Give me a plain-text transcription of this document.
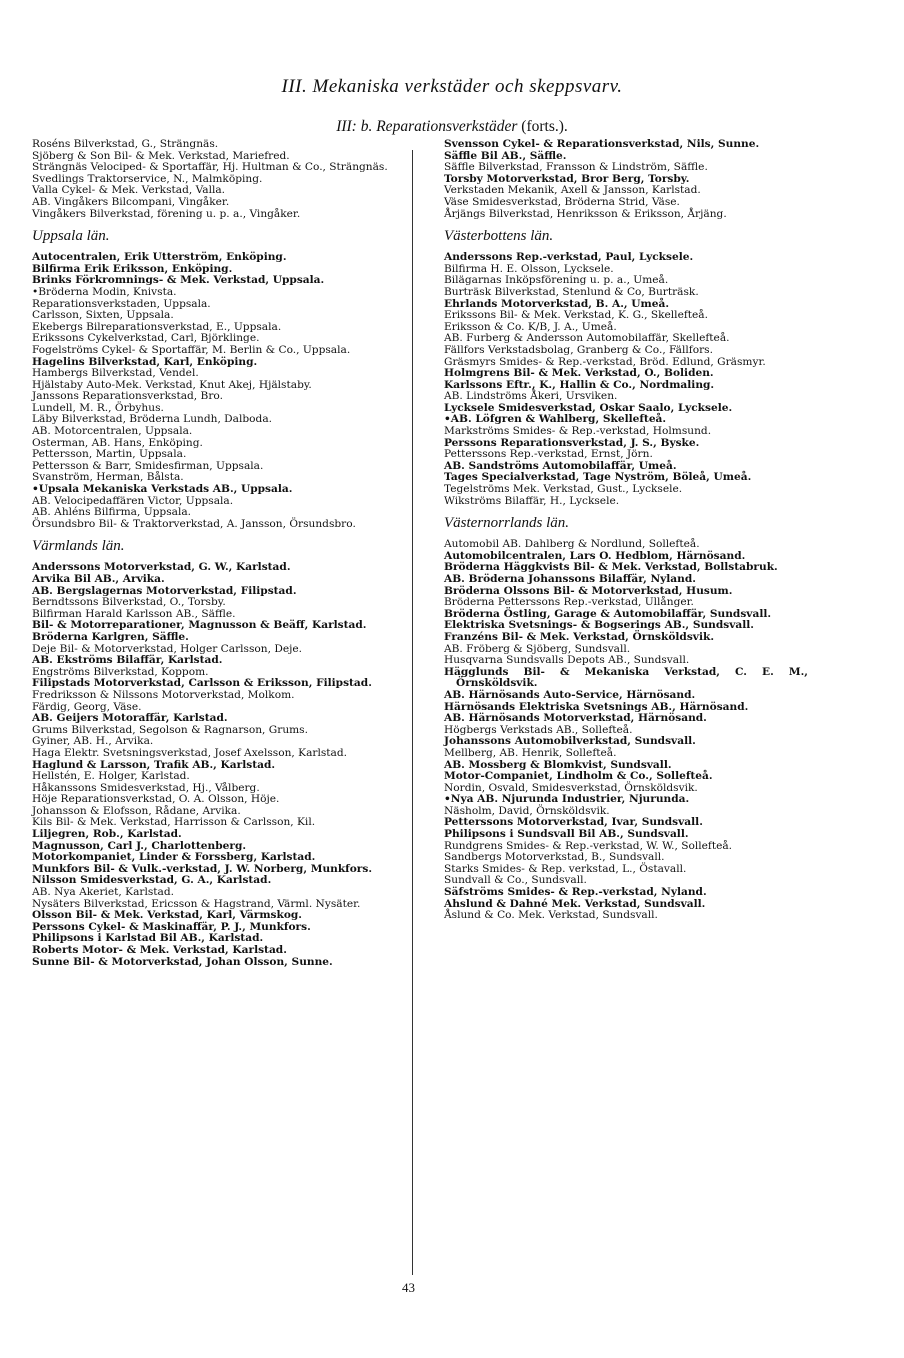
III. Mekaniska verkstäder och skeppsvarv.
III: b. Reparationsverkstäder (forts.).

Roséns Bilverkstad, G., Strängnäs.

Sjöberg & Son Bil- & Mek. Verkstad, Mariefred.

Strängnäs Velociped- & Sportaffär, Hj. Hultman & Co., Strängnäs.

Svedlings Traktorservice, N., Malmköping.

Valla Cykel- & Mek. Verkstad, Valla.

AB. Vingåkers Bilcompani, Vingåker.

Vingåkers Bilverkstad, förening u. p. a., Vingåker.

Uppsala län.

Autocentralen, Erik Utterström, Enköping.

Bilfirma Erik Eriksson, Enköping.

Brinks Förkromnings- & Mek. Verkstad, Uppsala.

•Bröderna Modin, Knivsta.

Reparationsverkstaden, Uppsala.

Carlsson, Sixten, Uppsala.

Ekebergs Bilreparationsverkstad, E., Uppsala.

Erikssons Cykelverkstad, Carl, Björklinge.

Fogelströms Cykel- & Sportaffär, M. Berlin & Co., Uppsala.

Hagelins Bilverkstad, Karl, Enköping.

Hambergs Bilverkstad, Vendel.

Hjälstaby Auto-Mek. Verkstad, Knut Akej, Hjälstaby.

Janssons Reparationsverkstad, Bro.

Lundell, M. R., Örbyhus.

Läby Bilverkstad, Bröderna Lundh, Dalboda.

AB. Motorcentralen, Uppsala.

Osterman, AB. Hans, Enköping.

Pettersson, Martin, Uppsala.

Pettersson & Barr, Smidesfirman, Uppsala.

Svanström, Herman, Bålsta.

•Upsala Mekaniska Verkstads AB., Uppsala.

AB. Velocipedaffären Victor, Uppsala.

AB. Ahléns Bilfirma, Uppsala.

Örsundsbro Bil- & Traktorverkstad, A. Jansson, Örsundsbro.

Värmlands län.

Anderssons Motorverkstad, G. W., Karlstad.

Arvika Bil AB., Arvika.

AB. Bergslagernas Motorverkstad, Filipstad.

Berndtssons Bilverkstad, O., Torsby.

Bilfirman Harald Karlsson AB., Säffle.

Bil- & Motorreparationer, Magnusson & Beäff, Karlstad.

Bröderna Karlgren, Säffle.

Deje Bil- & Motorverkstad, Holger Carlsson, Deje.

AB. Ekströms Bilaffär, Karlstad.

Engströms Bilverkstad, Koppom.

Filipstads Motorverkstad, Carlsson & Eriksson, Filipstad.

Fredriksson & Nilssons Motorverkstad, Molkom.

Färdig, Georg, Väse.

AB. Geijers Motoraffär, Karlstad.

Grums Bilverkstad, Segolson & Ragnarson, Grums.

Gyiner, AB. H., Arvika.

Haga Elektr. Svetsningsverkstad, Josef Axelsson, Karlstad.

Haglund & Larsson, Trafik AB., Karlstad.

Hellstén, E. Holger, Karlstad.

Håkanssons Smidesverkstad, Hj., Vålberg.

Höje Reparationsverkstad, O. A. Olsson, Höje.

Johansson & Elofsson, Rådane, Arvika.

Kils Bil- & Mek. Verkstad, Harrisson & Carlsson, Kil.

Liljegren, Rob., Karlstad.

Magnusson, Carl J., Charlottenberg.

Motorkompaniet, Linder & Forssberg, Karlstad.

Munkfors Bil- & Vulk.-verkstad, J. W. Norberg, Munkfors.

Nilsson Smidesverkstad, G. A., Karlstad.

AB. Nya Akeriet, Karlstad.

Nysäters Bilverkstad, Ericsson & Hagstrand, Värml. Nysäter.

Olsson Bil- & Mek. Verkstad, Karl, Värmskog.

Perssons Cykel- & Maskinaffär, P. J., Munkfors.

Philipsons i Karlstad Bil AB., Karlstad.

Roberts Motor- & Mek. Verkstad, Karlstad.

Sunne Bil- & Motorverkstad, Johan Olsson, Sunne.

Svensson Cykel- & Reparationsverkstad, Nils, Sunne.

Säffle Bil AB., Säffle.

Säffle Bilverkstad, Fransson & Lindström, Säffle.

Torsby Motorverkstad, Bror Berg, Torsby.

Verkstaden Mekanik, Axell & Jansson, Karlstad.

Väse Smidesverkstad, Bröderna Strid, Väse.

Årjängs Bilverkstad, Henriksson & Eriksson, Årjäng.

Västerbottens län.

Anderssons Rep.-verkstad, Paul, Lycksele.

Bilfirma H. E. Olsson, Lycksele.

Bilägarnas Inköpsförening u. p. a., Umeå.

Burträsk Bilverkstad, Stenlund & Co, Burträsk.

Ehrlands Motorverkstad, B. A., Umeå.

Erikssons Bil- & Mek. Verkstad, K. G., Skellefteå.

Eriksson & Co. K/B, J. A., Umeå.

AB. Furberg & Andersson Automobilaffär, Skellefteå.

Fällfors Verkstadsbolag, Granberg & Co., Fällfors.

Gräsmyrs Smides- & Rep.-verkstad, Bröd. Edlund, Gräsmyr.

Holmgrens Bil- & Mek. Verkstad, O., Boliden.

Karlssons Eftr., K., Hallin & Co., Nordmaling.

AB. Lindströms Åkeri, Ursviken.

Lycksele Smidesverkstad, Oskar Saalo, Lycksele.

•AB. Löfgren & Wahlberg, Skellefteå.

Markströms Smides- & Rep.-verkstad, Holmsund.

Perssons Reparationsverkstad, J. S., Byske.

Petterssons Rep.-verkstad, Ernst, Jörn.

AB. Sandströms Automobilaffär, Umeå.

Tages Specialverkstad, Tage Nyström, Böleå, Umeå.

Tegelströms Mek. Verkstad, Gust., Lycksele.

Wikströms Bilaffär, H., Lycksele.

Västernorrlands län.

Automobil AB. Dahlberg & Nordlund, Sollefteå.

Automobilcentralen, Lars O. Hedblom, Härnösand.

Bröderna Häggkvists Bil- & Mek. Verkstad, Bollstabruk.

AB. Bröderna Johanssons Bilaffär, Nyland.

Bröderna Olssons Bil- & Motorverkstad, Husum.

Bröderna Petterssons Rep.-verkstad, Ullånger.

Bröderna Östling, Garage & Automobilaffär, Sundsvall.

Elektriska Svetsnings- & Bogserings AB., Sundsvall.

Franzéns Bil- & Mek. Verkstad, Örnsköldsvik.

AB. Fröberg & Sjöberg, Sundsvall.

Husqvarna Sundsvalls Depots AB., Sundsvall.

Hägglunds Bil- & Mekaniska Verkstad, C. E. M., Örnsköldsvik.

AB. Härnösands Auto-Service, Härnösand.

Härnösands Elektriska Svetsnings AB., Härnösand.

AB. Härnösands Motorverkstad, Härnösand.

Högbergs Verkstads AB., Sollefteå.

Johanssons Automobilverkstad, Sundsvall.

Mellberg, AB. Henrik, Sollefteå.

AB. Mossberg & Blomkvist, Sundsvall.

Motor-Companiet, Lindholm & Co., Sollefteå.

Nordin, Osvald, Smidesverkstad, Örnsköldsvik.

•Nya AB. Njurunda Industrier, Njurunda.

Näsholm, David, Örnsköldsvik.

Petterssons Motorverkstad, Ivar, Sundsvall.

Philipsons i Sundsvall Bil AB., Sundsvall.

Rundgrens Smides- & Rep.-verkstad, W. W., Sollefteå.

Sandbergs Motorverkstad, B., Sundsvall.

Starks Smides- & Rep. verkstad, L., Östavall.

Sundvall & Co., Sundsvall.

Säfströms Smides- & Rep.-verkstad, Nyland.

Ahslund & Dahné Mek. Verkstad, Sundsvall.

Åslund & Co. Mek. Verkstad, Sundsvall.

43
